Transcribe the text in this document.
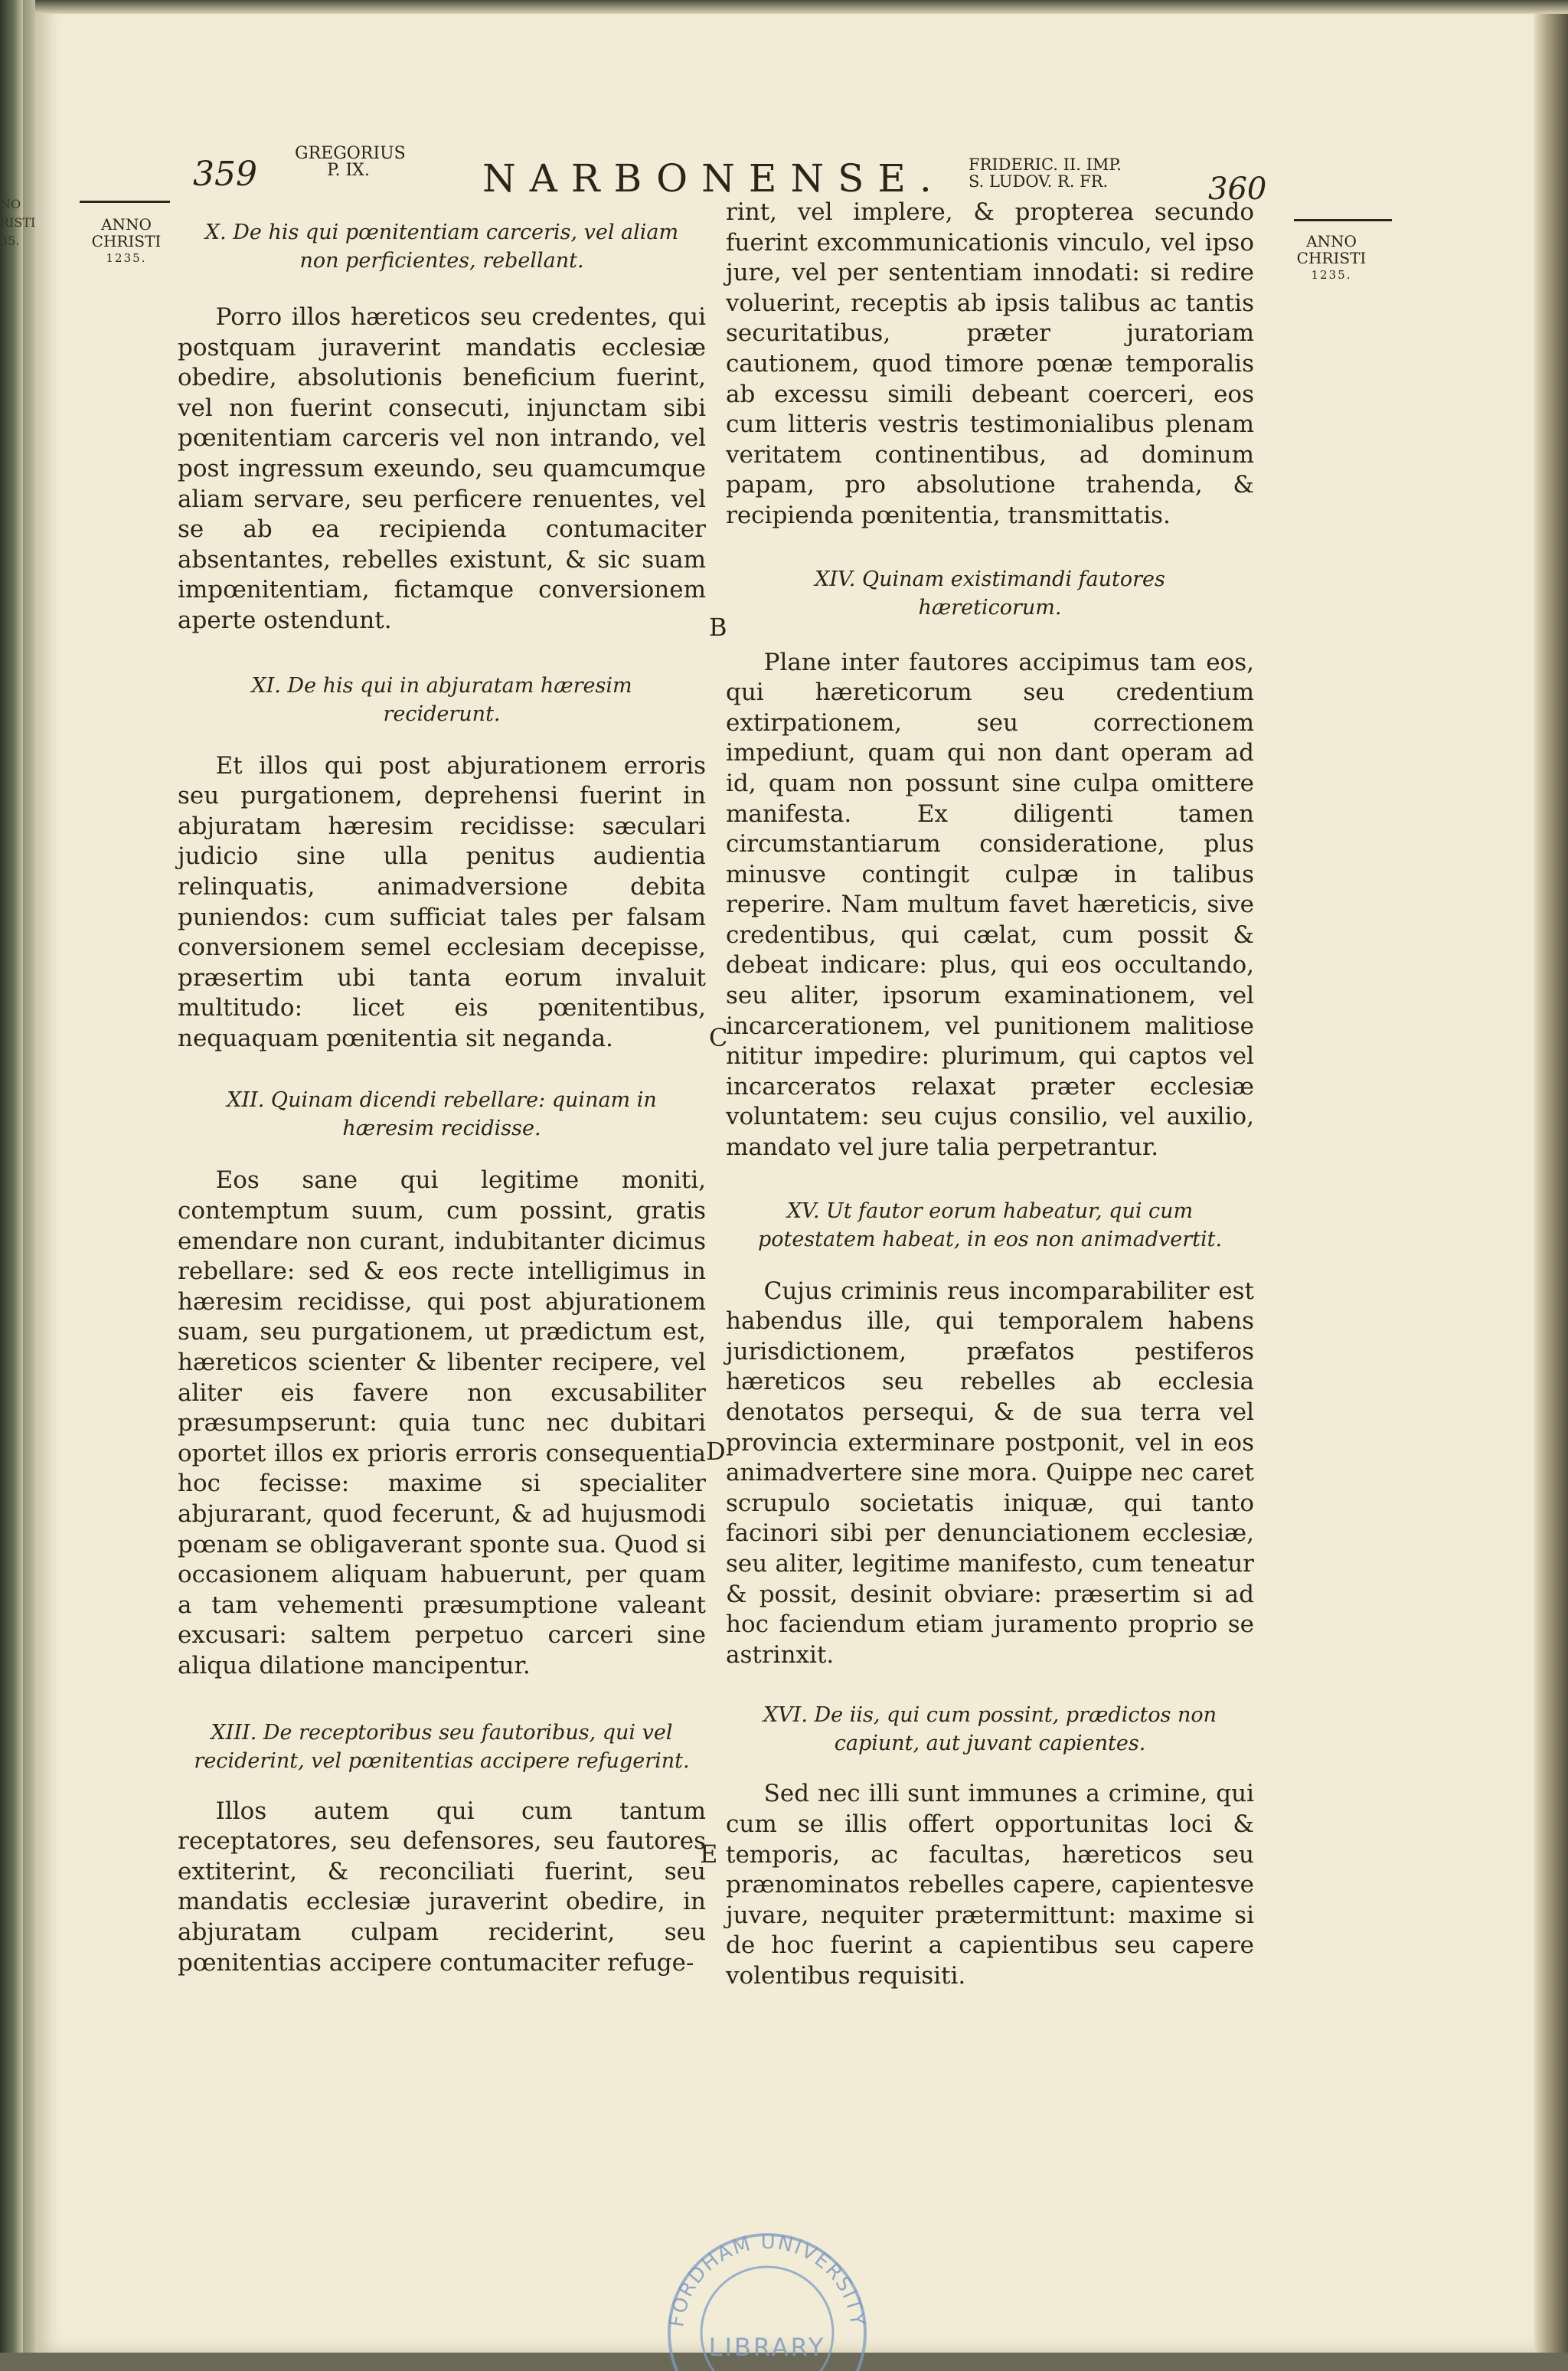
NO RISTI 35.
359
GREGORIUS
P. IX.	NARBONENSE. FRIDERIC. II. IMP.
S. LUDOV. R. FR.	360
ANNO
CHRISTI
1235.
ANNO
CHRISTI
1235.
X. De his qui pœnitentiam carceris, vel aliam non perficientes, rebellant.

Porro illos hæreticos seu credentes, qui postquam juraverint mandatis ecclesiæ obedire, absolutionis beneficium fuerint, vel non fuerint consecuti, injunctam sibi pœnitentiam carceris vel non intrando, vel post ingressum exeundo, seu quamcumque aliam servare, seu perficere renuentes, vel se ab ea recipienda contumaciter absentantes, rebelles existunt, & sic suam impœnitentiam, fictamque conversionem aperte ostendunt.

XI. De his qui in abjuratam hæresim reciderunt.

Et illos qui post abjurationem erroris seu purgationem, deprehensi fuerint in abjuratam hæresim recidisse: sæculari judicio sine ulla penitus audientia relinquatis, animadversione debita puniendos: cum sufficiat tales per falsam conversionem semel ecclesiam decepisse, præsertim ubi tanta eorum invaluit multitudo: licet eis pœnitentibus, nequaquam pœnitentia sit neganda.

XII. Quinam dicendi rebellare: quinam in hæresim recidisse.

Eos sane qui legitime moniti, contemptum suum, cum possint, gratis emendare non curant, indubitanter dicimus rebellare: sed & eos recte intelligimus in hæresim recidisse, qui post abjurationem suam, seu purgationem, ut prædictum est, hæreticos scienter & libenter recipere, vel aliter eis favere non excusabiliter præsumpserunt: quia tunc nec dubitari oportet illos ex prioris erroris consequentia hoc fecisse: maxime si specialiter abjurarant, quod fecerunt, & ad hujusmodi pœnam se obligaverant sponte sua. Quod si occasionem aliquam habuerunt, per quam a tam vehementi præsumptione valeant excusari: saltem perpetuo carceri sine aliqua dilatione mancipentur.

XIII. De receptoribus seu fautoribus, qui vel reciderint, vel pœnitentias accipere refugerint.

Illos autem qui cum tantum receptatores, seu defensores, seu fautores extiterint, & reconciliati fuerint, seu mandatis ecclesiæ juraverint obedire, in abjuratam culpam reciderint, seu pœnitentias accipere contumaciter refuge-

rint, vel implere, & propterea secundo fuerint excommunicationis vinculo, vel ipso jure, vel per sententiam innodati: si redire voluerint, receptis ab ipsis talibus ac tantis securitatibus, præter juratoriam cautionem, quod timore pœnæ temporalis ab excessu simili debeant coerceri, eos cum litteris vestris testimonialibus plenam veritatem continentibus, ad dominum papam, pro absolutione trahenda, & recipienda pœnitentia, transmittatis.

XIV. Quinam existimandi fautores hæreticorum.

Plane inter fautores accipimus tam eos, qui hæreticorum seu credentium extirpationem, seu correctionem impediunt, quam qui non dant operam ad id, quam non possunt sine culpa omittere manifesta. Ex diligenti tamen circumstantiarum consideratione, plus minusve contingit culpæ in talibus reperire. Nam multum favet hæreticis, sive credentibus, qui cælat, cum possit & debeat indicare: plus, qui eos occultando, seu aliter, ipsorum examinationem, vel incarcerationem, vel punitionem malitiose nititur impedire: plurimum, qui captos vel incarceratos relaxat præter ecclesiæ voluntatem: seu cujus consilio, vel auxilio, mandato vel jure talia perpetrantur.

XV. Ut fautor eorum habeatur, qui cum potestatem habeat, in eos non animadvertit.

Cujus criminis reus incomparabiliter est habendus ille, qui temporalem habens jurisdictionem, præfatos pestiferos hæreticos seu rebelles ab ecclesia denotatos persequi, & de sua terra vel provincia exterminare postponit, vel in eos animadvertere sine mora. Quippe nec caret scrupulo societatis iniquæ, qui tanto facinori sibi per denunciationem ecclesiæ, seu aliter, legitime manifesto, cum teneatur & possit, desinit obviare: præsertim si ad hoc faciendum etiam juramento proprio se astrinxit.

XVI. De iis, qui cum possint, prædictos non capiunt, aut juvant capientes.

Sed nec illi sunt immunes a crimine, qui cum se illis offert opportunitas loci & temporis, ac facultas, hæreticos seu prænominatos rebelles capere, capientesve juvare, nequiter prætermittunt: maxime si de hoc fuerint a capientibus seu capere volentibus requisiti.

B
C
D
E
FORDHAM UNIVERSITY
LIBRARY
